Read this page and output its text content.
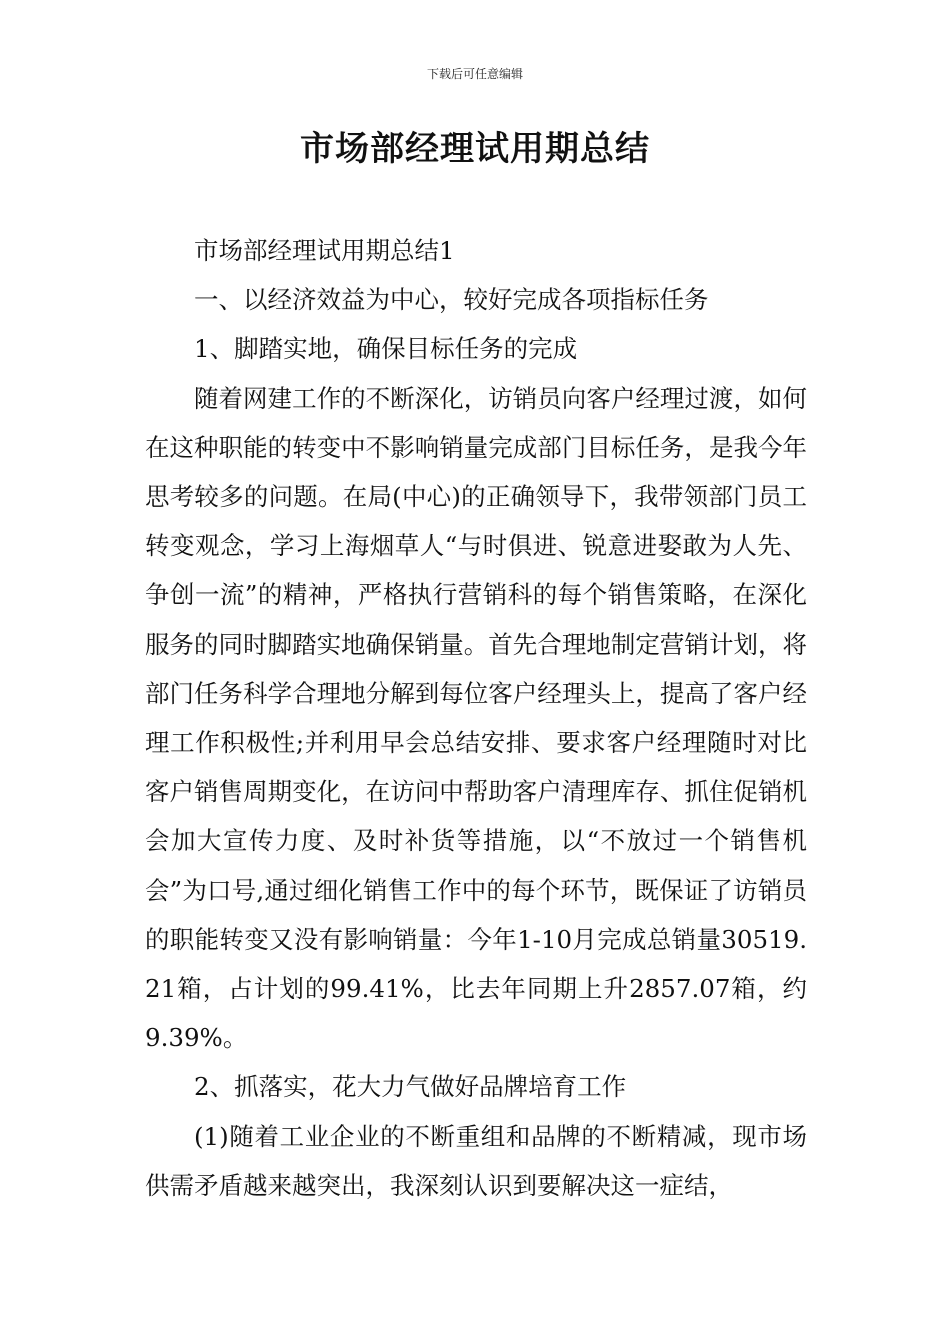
下载后可任意编辑
市场部经理试用期总结

市场部经理试用期总结1

一、以经济效益为中心，较好完成各项指标任务

1、脚踏实地，确保目标任务的完成

随着网建工作的不断深化，访销员向客户经理过渡，如何在这种职能的转变中不影响销量完成部门目标任务，是我今年思考较多的问题。在局(中心)的正确领导下，我带领部门员工转变观念，学习上海烟草人“与时俱进、锐意进娶敢为人先、争创一流”的精神，严格执行营销科的每个销售策略，在深化服务的同时脚踏实地确保销量。首先合理地制定营销计划，将部门任务科学合理地分解到每位客户经理头上，提高了客户经理工作积极性;并利用早会总结安排、要求客户经理随时对比客户销售周期变化，在访问中帮助客户清理库存、抓住促销机会加大宣传力度、及时补货等措施，以“不放过一个销售机会”为口号,通过细化销售工作中的每个环节，既保证了访销员的职能转变又没有影响销量：今年1-10月完成总销量30519.21箱，占计划的99.41%，比去年同期上升2857.07箱，约9.39%。

2、抓落实，花大力气做好品牌培育工作

(1)随着工业企业的不断重组和品牌的不断精减，现市场供需矛盾越来越突出，我深刻认识到要解决这一症结，
